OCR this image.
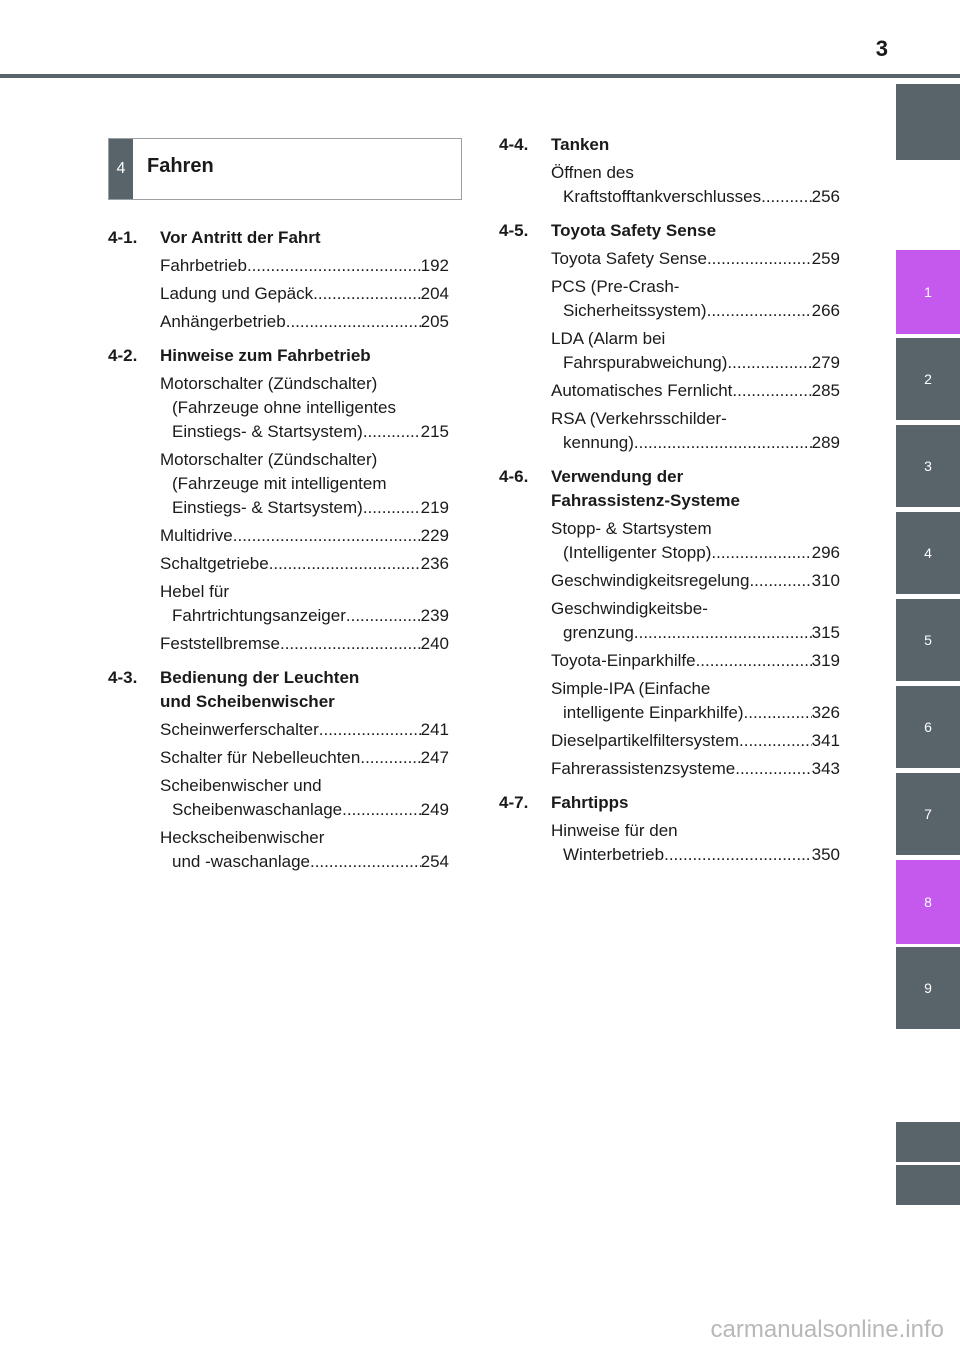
3
1
2
3
4
5
6
7
8
9
4	Fahren
4-1.	Vor Antritt der Fahrt
Fahrbetrieb .....	192
Ladung und Gepäck .....	204
Anhängerbetrieb .....	205
4-2.	Hinweise zum Fahrbetrieb
Motorschalter (Zündschalter)
(Fahrzeuge ohne intelligentes
Einstiegs- & Startsystem) .....	215
Motorschalter (Zündschalter)
(Fahrzeuge mit intelligentem
Einstiegs- & Startsystem) .....	219
Multidrive .....	229
Schaltgetriebe .....	236
Hebel für
Fahrtrichtungsanzeiger .....	239
Feststellbremse .....	240
4-3.	Bedienung der Leuchten
und Scheibenwischer
Scheinwerferschalter .....	241
Schalter für Nebelleuchten .....	247
Scheibenwischer und
Scheibenwaschanlage .....	249
Heckscheibenwischer
und -waschanlage .....	254
4-4.	Tanken
Öffnen des
Kraftstofftankverschlusses .....	256
4-5.	Toyota Safety Sense
Toyota Safety Sense .....	259
PCS (Pre-Crash-
Sicherheitssystem) .....	266
LDA (Alarm bei
Fahrspurabweichung) .....	279
Automatisches Fernlicht .....	285
RSA (Verkehrsschilder-
kennung) .....	289
4-6.	Verwendung der
Fahrassistenz-Systeme
Stopp- & Startsystem
(Intelligenter Stopp) .....	296
Geschwindigkeitsregelung .....	310
Geschwindigkeitsbe-
grenzung .....	315
Toyota-Einparkhilfe .....	319
Simple-IPA (Einfache
intelligente Einparkhilfe) .....	326
Dieselpartikelfiltersystem .....	341
Fahrerassistenzsysteme .....	343
4-7.	Fahrtipps
Hinweise für den
Winterbetrieb .....	350
carmanualsonline.info
